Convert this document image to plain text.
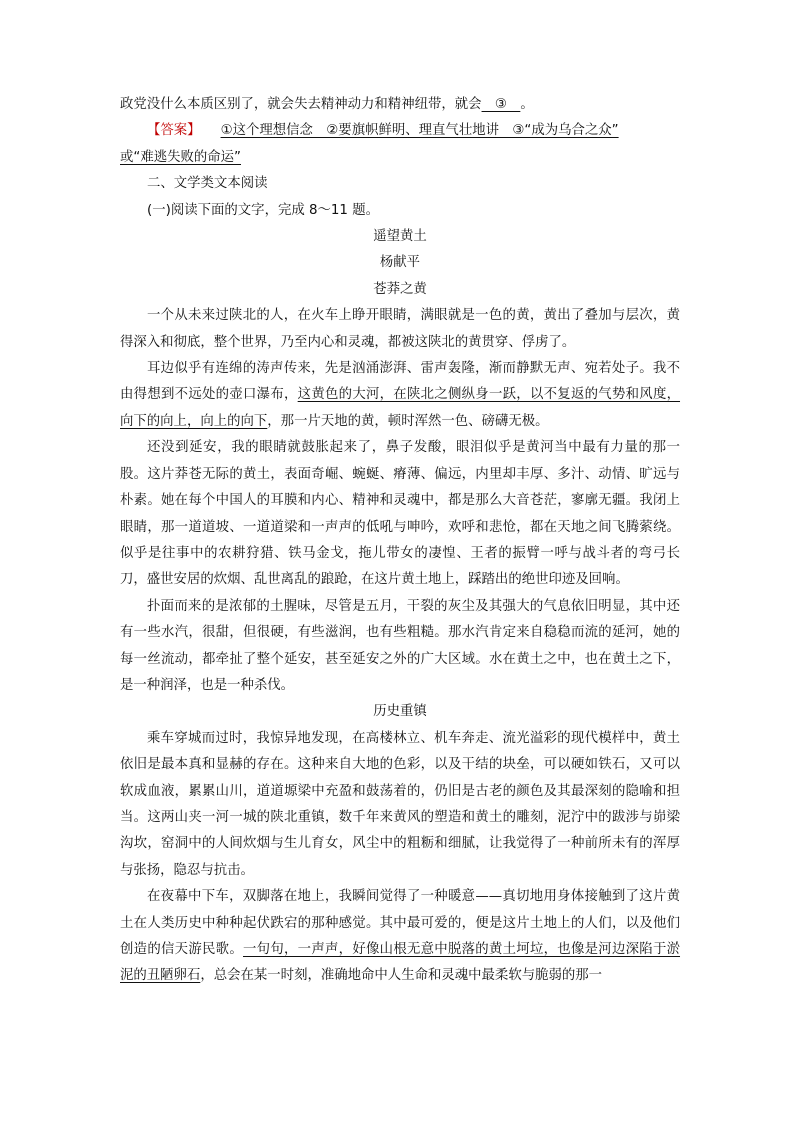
政党没什么本质区别了，就会失去精神动力和精神纽带，就会　③　。

【答案】 ①这个理想信念　②要旗帜鲜明、理直气壮地讲　③“成为乌合之众”

或“难逃失败的命运”

二、文学类文本阅读

(一)阅读下面的文字，完成 8～11 题。

遥望黄土

杨献平

苍莽之黄

一个从未来过陕北的人，在火车上睁开眼睛，满眼就是一色的黄，黄出了叠加与层次，黄得深入和彻底，整个世界，乃至内心和灵魂，都被这陕北的黄贯穿、俘虏了。

耳边似乎有连绵的涛声传来，先是汹涌澎湃、雷声轰隆，渐而静默无声、宛若处子。我不由得想到不远处的壶口瀑布，这黄色的大河，在陕北之侧纵身一跃，以不复返的气势和风度，向下的向上，向上的向下，那一片天地的黄，顿时浑然一色、磅礴无极。

还没到延安，我的眼睛就鼓胀起来了，鼻子发酸，眼泪似乎是黄河当中最有力量的那一股。这片莽苍无际的黄土，表面奇崛、蜿蜒、瘠薄、偏远，内里却丰厚、多汁、动情、旷远与朴素。她在每个中国人的耳膜和内心、精神和灵魂中，都是那么大音苍茫，寥廓无疆。我闭上眼睛，那一道道坡、一道道梁和一声声的低吼与呻吟，欢呼和悲怆，都在天地之间飞腾萦绕。似乎是往事中的农耕狩猎、铁马金戈，拖儿带女的凄惶、王者的振臂一呼与战斗者的弯弓长刀，盛世安居的炊烟、乱世离乱的踉跄，在这片黄土地上，踩踏出的绝世印迹及回响。

扑面而来的是浓郁的土腥味，尽管是五月，干裂的灰尘及其强大的气息依旧明显，其中还有一些水汽，很甜，但很硬，有些滋润，也有些粗糙。那水汽肯定来自稳稳而流的延河，她的每一丝流动，都牵扯了整个延安，甚至延安之外的广大区域。水在黄土之中，也在黄土之下，是一种润泽，也是一种杀伐。

历史重镇

乘车穿城而过时，我惊异地发现，在高楼林立、机车奔走、流光溢彩的现代模样中，黄土依旧是最本真和显赫的存在。这种来自大地的色彩，以及干结的块垒，可以硬如铁石，又可以软成血液，累累山川，道道塬梁中充盈和鼓荡着的，仍旧是古老的颜色及其最深刻的隐喻和担当。这两山夹一河一城的陕北重镇，数千年来黄风的塑造和黄土的雕刻，泥泞中的跋涉与峁梁沟坎，窑洞中的人间炊烟与生儿育女，风尘中的粗粝和细腻，让我觉得了一种前所未有的浑厚与张扬，隐忍与抗击。

在夜幕中下车，双脚落在地上，我瞬间觉得了一种暖意——真切地用身体接触到了这片黄土在人类历史中种种起伏跌宕的那种感觉。其中最可爱的，便是这片土地上的人们，以及他们创造的信天游民歌。一句句，一声声，好像山根无意中脱落的黄土坷垃，也像是河边深陷于淤泥的丑陋卵石，总会在某一时刻，准确地命中人生命和灵魂中最柔软与脆弱的那一
